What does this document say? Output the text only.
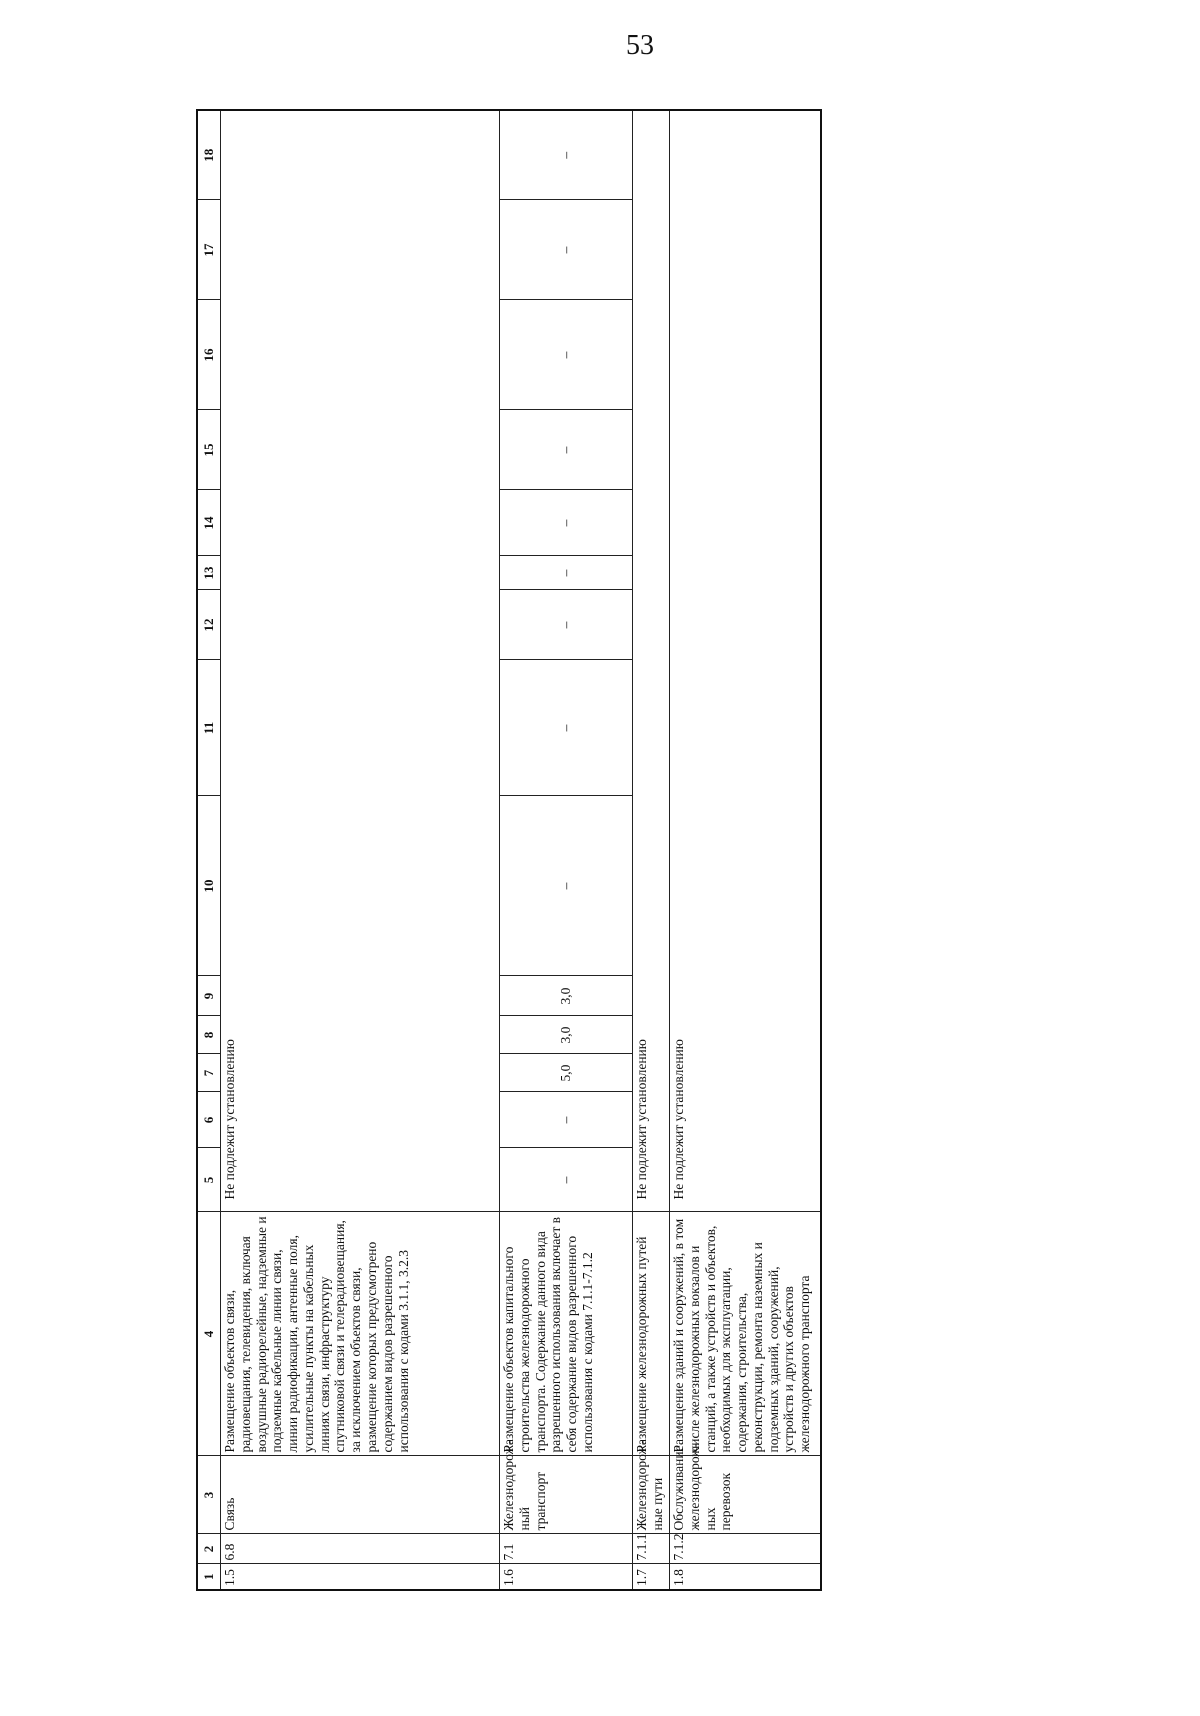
53
1	2	3	4	5	6	7	8	9	10	11	12	13	14	15	16	17	18
1.5	6.8	Связь	Размещение объектов связи, радиовещания, телевидения, включая воздушные радиорелейные, надземные и подземные кабельные линии связи, линии радиофикации, антенные поля, усилительные пункты на кабельных линиях связи, инфраструктуру спутниковой связи и телерадиовещания, за исключением объектов связи, размещение которых предусмотрено содержанием видов разрешенного использования с кодами 3.1.1, 3.2.3	Не подлежит установлению													
1.6	7.1	Железнодорож-ный транспорт	Размещение объектов капитального строительства железнодорожного транспорта. Содержание данного вида разрешенного использования включает в себя содержание видов разрешенного использования с кодами 7.1.1-7.1.2	–	–	5,0	3,0	3,0	–	–	–	–	–	–	–	–	–
1.7	7.1.1	Железнодорож-ные пути	Размещение железнодорожных путей	Не подлежит установлению													
1.8	7.1.2	Обслуживание железнодорож-ных перевозок	Размещение зданий и сооружений, в том числе железнодорожных вокзалов и станций, а также устройств и объектов, необходимых для эксплуатации, содержания, строительства, реконструкции, ремонта наземных и подземных зданий, сооружений, устройств и других объектов железнодорожного транспорта	Не подлежит установлению													
